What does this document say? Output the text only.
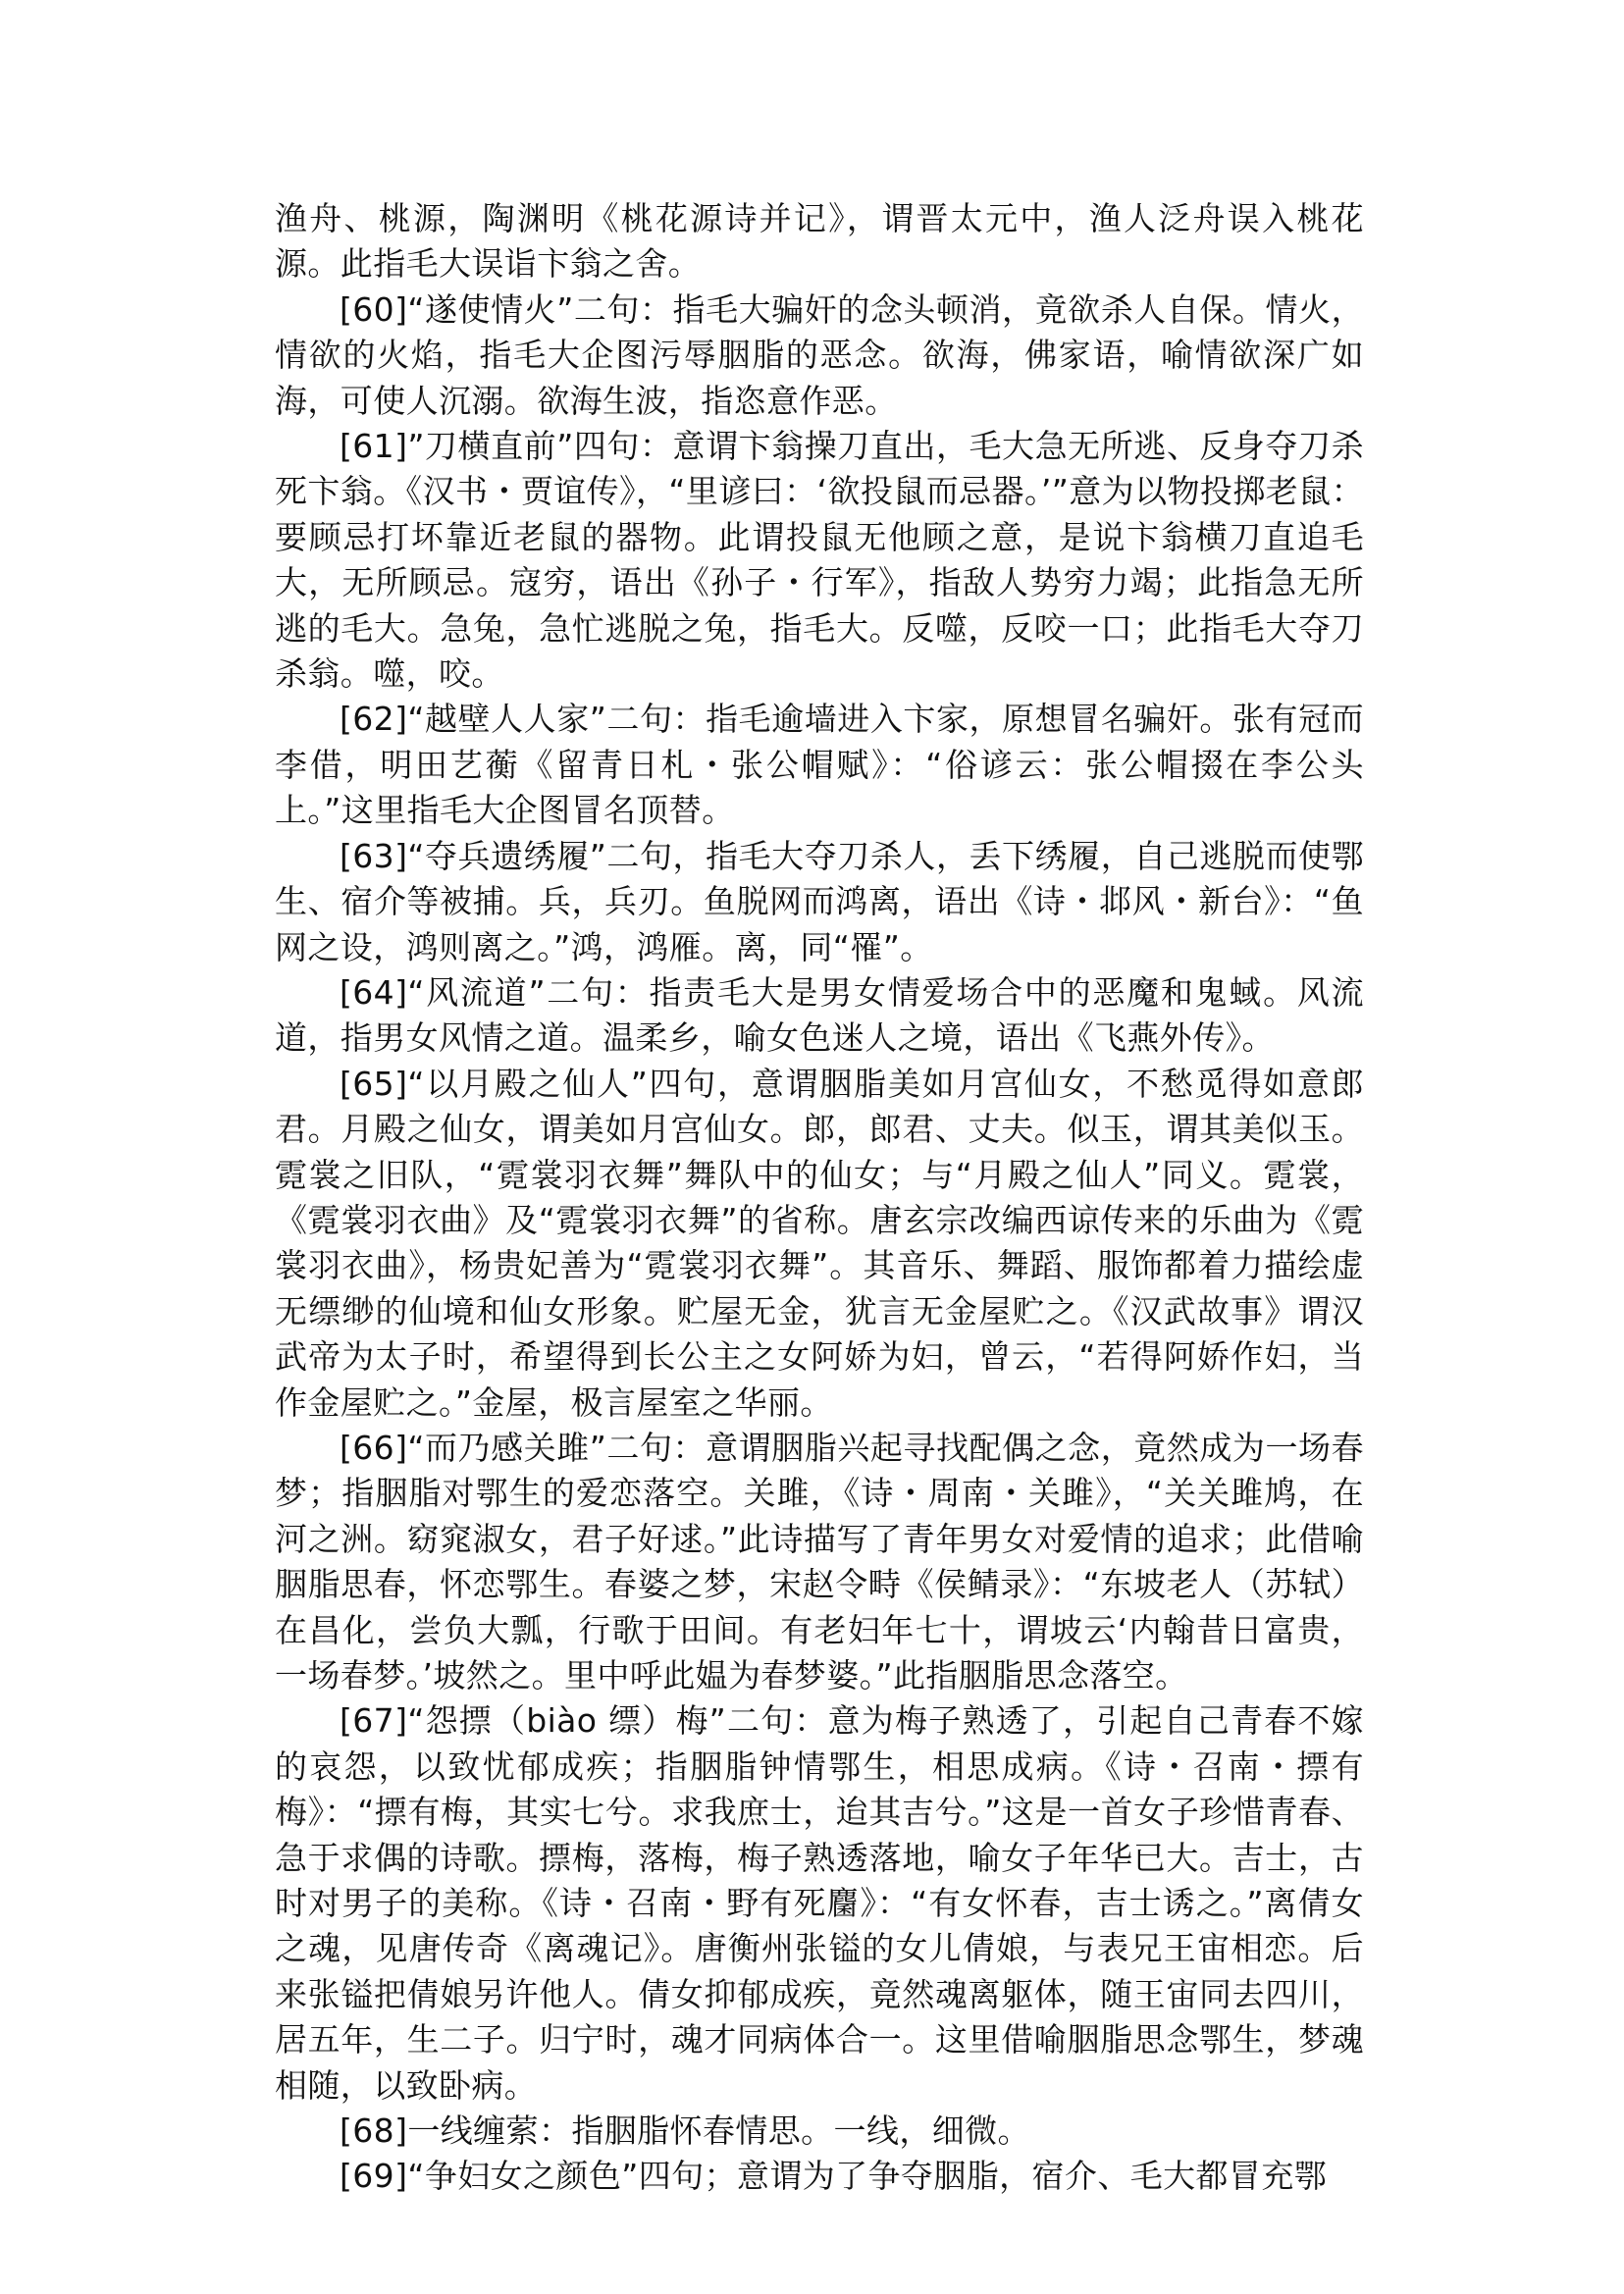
渔舟、桃源，陶渊明《桃花源诗并记》，谓晋太元中，渔人泛舟误入桃花源。此指毛大误诣卞翁之舍。

[60]“遂使情火”二句：指毛大骗奸的念头顿消，竟欲杀人自保。情火，情欲的火焰，指毛大企图污辱胭脂的恶念。欲海，佛家语，喻情欲深广如海，可使人沉溺。欲海生波，指恣意作恶。

[61]”刀横直前”四句：意谓卞翁操刀直出，毛大急无所逃、反身夺刀杀死卞翁。《汉书・贾谊传》，“里谚曰：‘欲投鼠而忌器。’”意为以物投掷老鼠：要顾忌打坏靠近老鼠的器物。此谓投鼠无他顾之意，是说卞翁横刀直追毛大，无所顾忌。寇穷，语出《孙子・行军》，指敌人势穷力竭；此指急无所逃的毛大。急兔，急忙逃脱之兔，指毛大。反噬，反咬一口；此指毛大夺刀杀翁。噬，咬。

[62]“越壁人人家”二句：指毛逾墙进入卞家，原想冒名骗奸。张有冠而李借，明田艺蘅《留青日札・张公帽赋》：“俗谚云：张公帽掇在李公头上。”这里指毛大企图冒名顶替。

[63]“夺兵遗绣履”二句，指毛大夺刀杀人，丢下绣履，自己逃脱而使鄂生、宿介等被捕。兵，兵刃。鱼脱网而鸿离，语出《诗・邶风・新台》：“鱼网之设，鸿则离之。”鸿，鸿雁。离，同“罹”。

[64]“风流道”二句：指责毛大是男女情爱场合中的恶魔和鬼蜮。风流道，指男女风情之道。温柔乡，喻女色迷人之境，语出《飞燕外传》。

[65]“以月殿之仙人”四句，意谓胭脂美如月宫仙女，不愁觅得如意郎君。月殿之仙女，谓美如月宫仙女。郎，郎君、丈夫。似玉，谓其美似玉。霓裳之旧队，“霓裳羽衣舞”舞队中的仙女；与“月殿之仙人”同义。霓裳，《霓裳羽衣曲》及“霓裳羽衣舞”的省称。唐玄宗改编西谅传来的乐曲为《霓裳羽衣曲》，杨贵妃善为“霓裳羽衣舞”。其音乐、舞蹈、服饰都着力描绘虚无缥缈的仙境和仙女形象。贮屋无金，犹言无金屋贮之。《汉武故事》谓汉武帝为太子时，希望得到长公主之女阿娇为妇，曾云，“若得阿娇作妇，当作金屋贮之。”金屋，极言屋室之华丽。

[66]“而乃感关雎”二句：意谓胭脂兴起寻找配偶之念，竟然成为一场春梦；指胭脂对鄂生的爱恋落空。关雎，《诗・周南・关雎》，“关关雎鸠，在河之洲。窈窕淑女，君子好逑。”此诗描写了青年男女对爱情的追求；此借喻胭脂思春，怀恋鄂生。春婆之梦，宋赵令畤《侯鲭录》：“东坡老人（苏轼）在昌化，尝负大瓢，行歌于田间。有老妇年七十，谓坡云‘内翰昔日富贵，一场春梦。’坡然之。里中呼此媪为春梦婆。”此指胭脂思念落空。

[67]“怨摽（biào 缥）梅”二句：意为梅子熟透了，引起自己青春不嫁的哀怨，以致忧郁成疾；指胭脂钟情鄂生，相思成病。《诗・召南・摽有梅》：“摽有梅，其实七兮。求我庶士，迨其吉兮。”这是一首女子珍惜青春、急于求偶的诗歌。摽梅，落梅，梅子熟透落地，喻女子年华已大。吉士，古时对男子的美称。《诗・召南・野有死麕》：“有女怀春，吉士诱之。”离倩女之魂，见唐传奇《离魂记》。唐衡州张镒的女儿倩娘，与表兄王宙相恋。后　来张镒把倩娘另许他人。倩女抑郁成疾，竟然魂离躯体，随王宙同去四川，居五年，生二子。归宁时，魂才同病体合一。这里借喻胭脂思念鄂生，梦魂相随，以致卧病。

[68]一线缠萦：指胭脂怀春情思。一线，细微。

[69]“争妇女之颜色”四句；意谓为了争夺胭脂，宿介、毛大都冒充鄂
